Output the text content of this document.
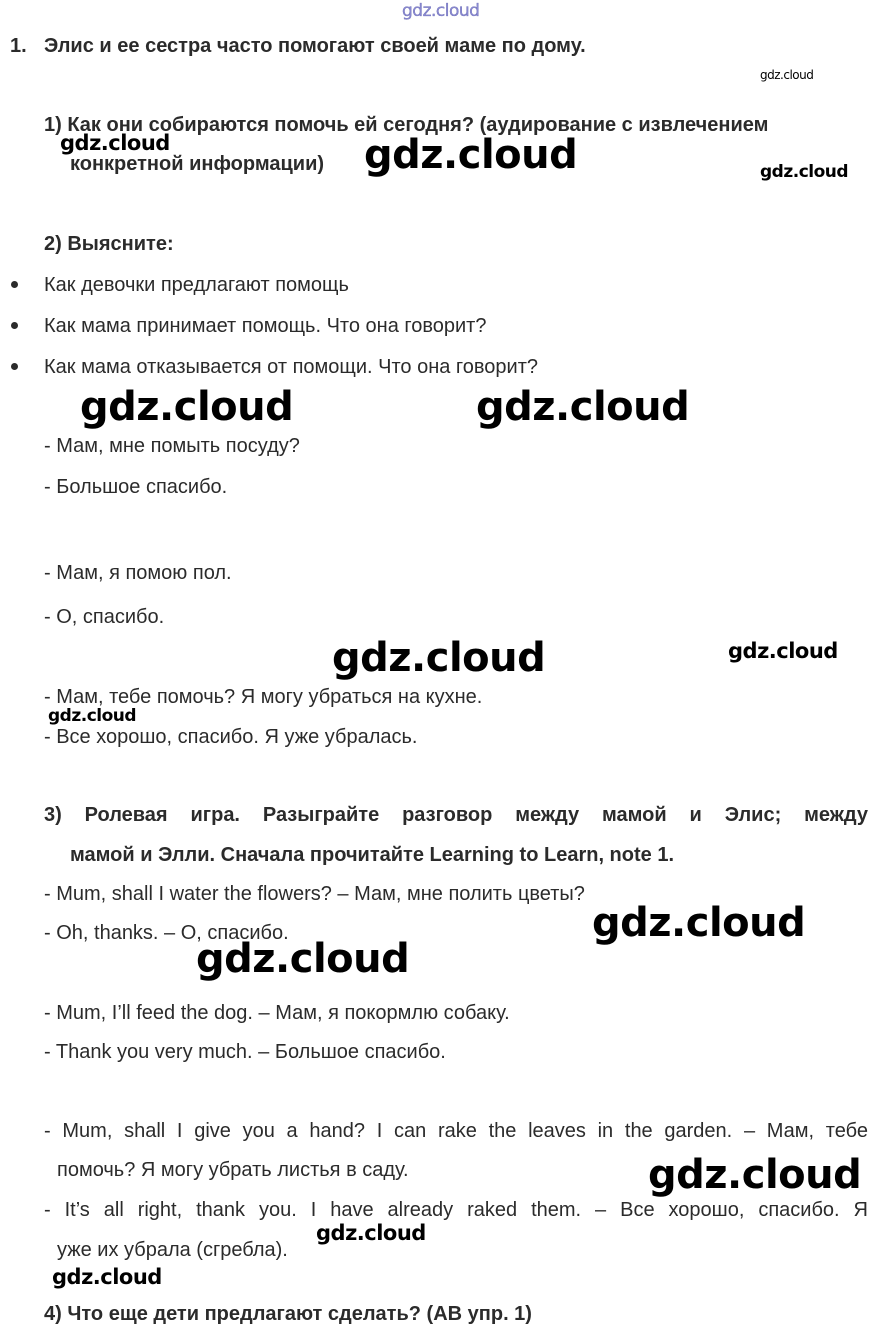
gdz.cloud
1. Элис и ее сестра часто помогают своей маме по дому.
gdz.cloud
1) Как они собираются помочь ей сегодня? (аудирование с извлечением
конкретной информации)
gdz.cloud	gdz.cloud	gdz.cloud
2) Выясните:
Как девочки предлагают помощь
Как мама принимает помощь. Что она говорит?
Как мама отказывается от помощи. Что она говорит?
gdz.cloud	gdz.cloud
- Мам, мне помыть посуду?
- Большое спасибо.
- Мам, я помою пол.
- О, спасибо.
gdz.cloud	gdz.cloud
- Мам, тебе помочь? Я могу убраться на кухне.
gdz.cloud
- Все хорошо, спасибо. Я уже убралась.
3) Ролевая игра. Разыграйте разговор между мамой и Элис; между
мамой и Элли. Сначала прочитайте Learning to Learn, note 1.
- Mum, shall I water the flowers? – Мам, мне полить цветы?
- Oh, thanks. – О, спасибо.	gdz.cloud
gdz.cloud
- Mum, I’ll feed the dog. – Мам, я покормлю собаку.
- Thank you very much. – Большое спасибо.
- Mum, shall I give you a hand? I can rake the leaves in the garden. – Мам, тебе
помочь? Я могу убрать листья в саду.	gdz.cloud
- It’s all right, thank you. I have already raked them. – Все хорошо, спасибо. Я
уже их убрала (сгребла).
gdz.cloud
gdz.cloud
4) Что еще дети предлагают сделать? (AB упр. 1)
